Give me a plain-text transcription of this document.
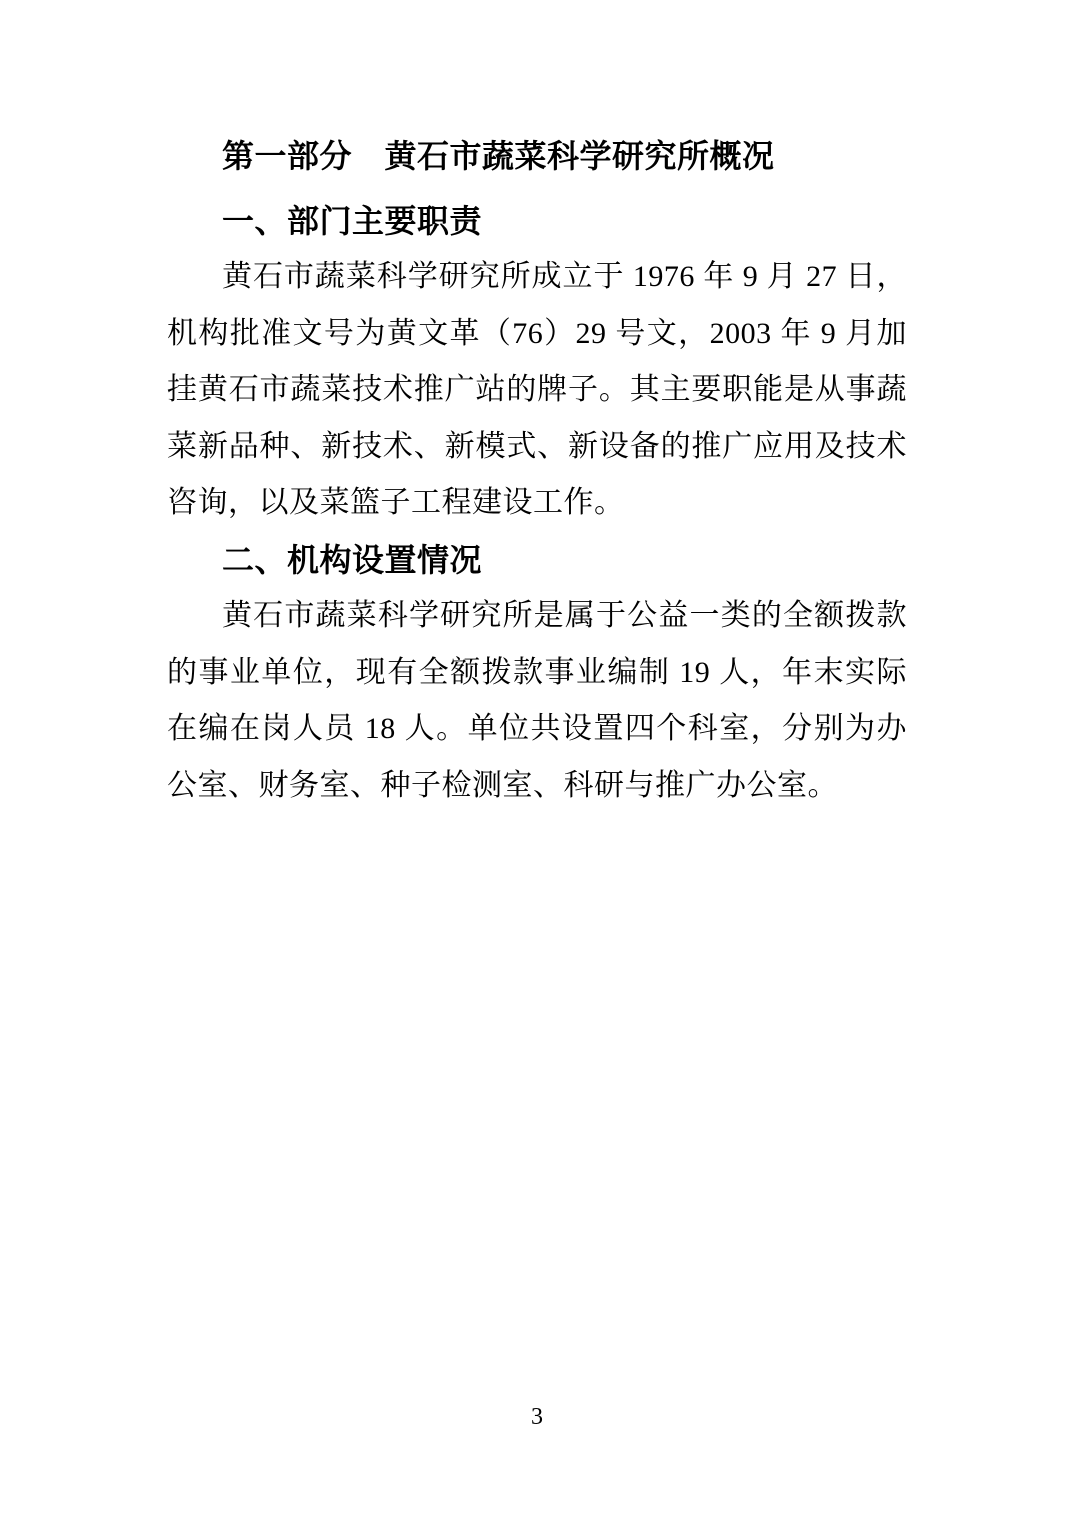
第一部分　黄石市蔬菜科学研究所概况
一、部门主要职责

黄石市蔬菜科学研究所成立于 1976 年 9 月 27 日，机构批准文号为黄文革（76）29 号文，2003 年 9 月加挂黄石市蔬菜技术推广站的牌子。其主要职能是从事蔬菜新品种、新技术、新模式、新设备的推广应用及技术咨询，以及菜篮子工程建设工作。

二、机构设置情况

黄石市蔬菜科学研究所是属于公益一类的全额拨款的事业单位，现有全额拨款事业编制 19 人，年末实际在编在岗人员 18 人。单位共设置四个科室，分别为办公室、财务室、种子检测室、科研与推广办公室。

3
